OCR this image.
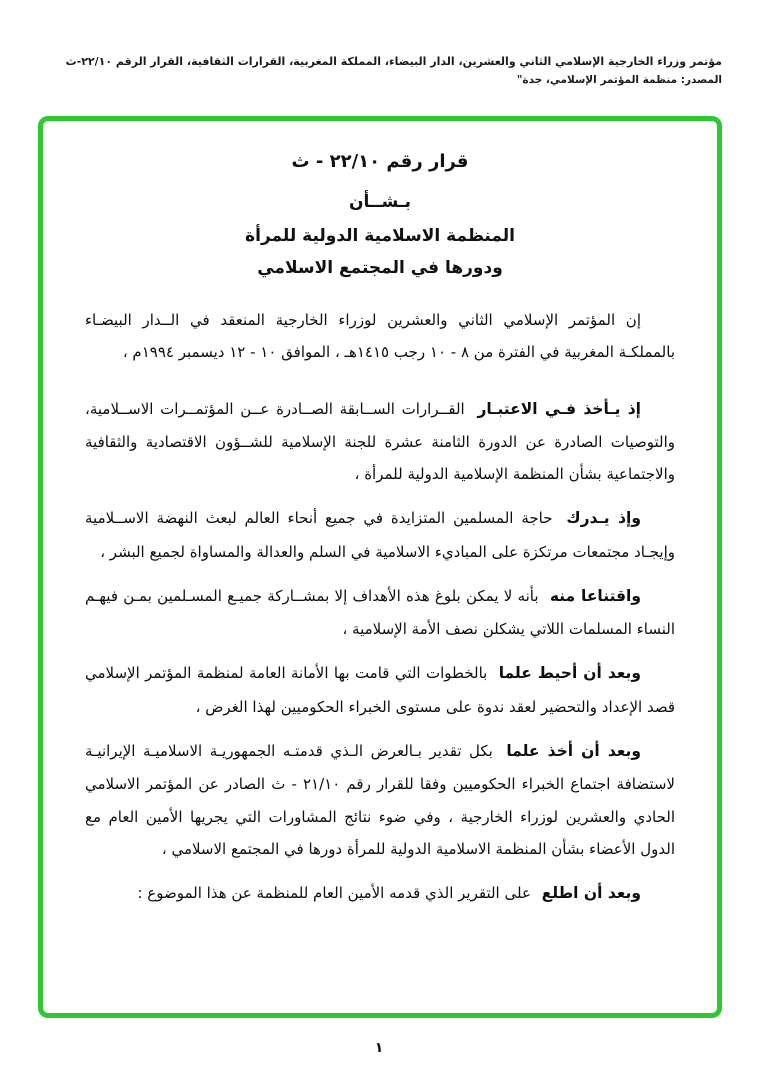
مؤتمر وزراء الخارجية الإسلامي الثاني والعشرين، الدار البيضاء، المملكة المغربية، القرارات الثقافية، القرار الرقم ٢٢/١٠-ث
المصدر: منظمة المؤتمر الإسلامي، جدة"
قرار رقم ٢٢/١٠ - ث
بـشــأن
المنظمة الاسلامية الدولية للمرأة
ودورها في المجتمع الاسلامي

إن المؤتمر الإسلامي الثاني والعشرين لوزراء الخارجية المنعقد في الــدار البيضـاء بالمملكـة المغربية في الفترة من ٨ - ١٠ رجب ١٤١٥هـ ، الموافق ١٠ - ١٢ ديسمبر ١٩٩٤م ،

إذ يـأخذ فـي الاعتبـار القــرارات الســابقة الصــادرة عــن المؤتمــرات الاســلامية، والتوصيات الصادرة عن الدورة الثامنة عشرة للجنة الإسلامية للشــؤون الاقتصادية والثقافية والاجتماعية بشأن المنظمة الإسلامية الدولية للمرأة ،

وإذ يـدرك حاجة المسلمين المتزايدة في جميع أنحاء العالم لبعث النهضة الاســلامية وإيجـاد مجتمعات مرتكزة على المباديء الاسلامية في السلم والعدالة والمساواة لجميع البشر ،

واقتناعا منه بأنه لا يمكن بلوغ هذه الأهداف إلا بمشــاركة جميـع المسـلمين بمـن فيهـم النساء المسلمات اللاتي يشكلن نصف الأمة الإسلامية ،

وبعد أن أحيط علما بالخطوات التي قامت بها الأمانة العامة لمنظمة المؤتمر الإسلامي قصد الإعداد والتحضير لعقد ندوة على مستوى الخبراء الحكوميين لهذا الغرض ،

وبعد أن أخذ علما بكل تقدير بـالعرض الـذي قدمتـه الجمهوريـة الاسلاميـة الإيرانيـة لاستضافة اجتماع الخبراء الحكوميين وفقا للقرار رقم ٢١/١٠ - ث الصادر عن المؤتمر الاسلامي الحادي والعشرين لوزراء الخارجية ، وفي ضوء نتائج المشاورات التي يجريها الأمين العام مع الدول الأعضاء بشأن المنظمة الاسلامية الدولية للمرأة دورها في المجتمع الاسلامي ،

وبعد أن اطلع على التقرير الذي قدمه الأمين العام للمنظمة عن هذا الموضوع :

١
